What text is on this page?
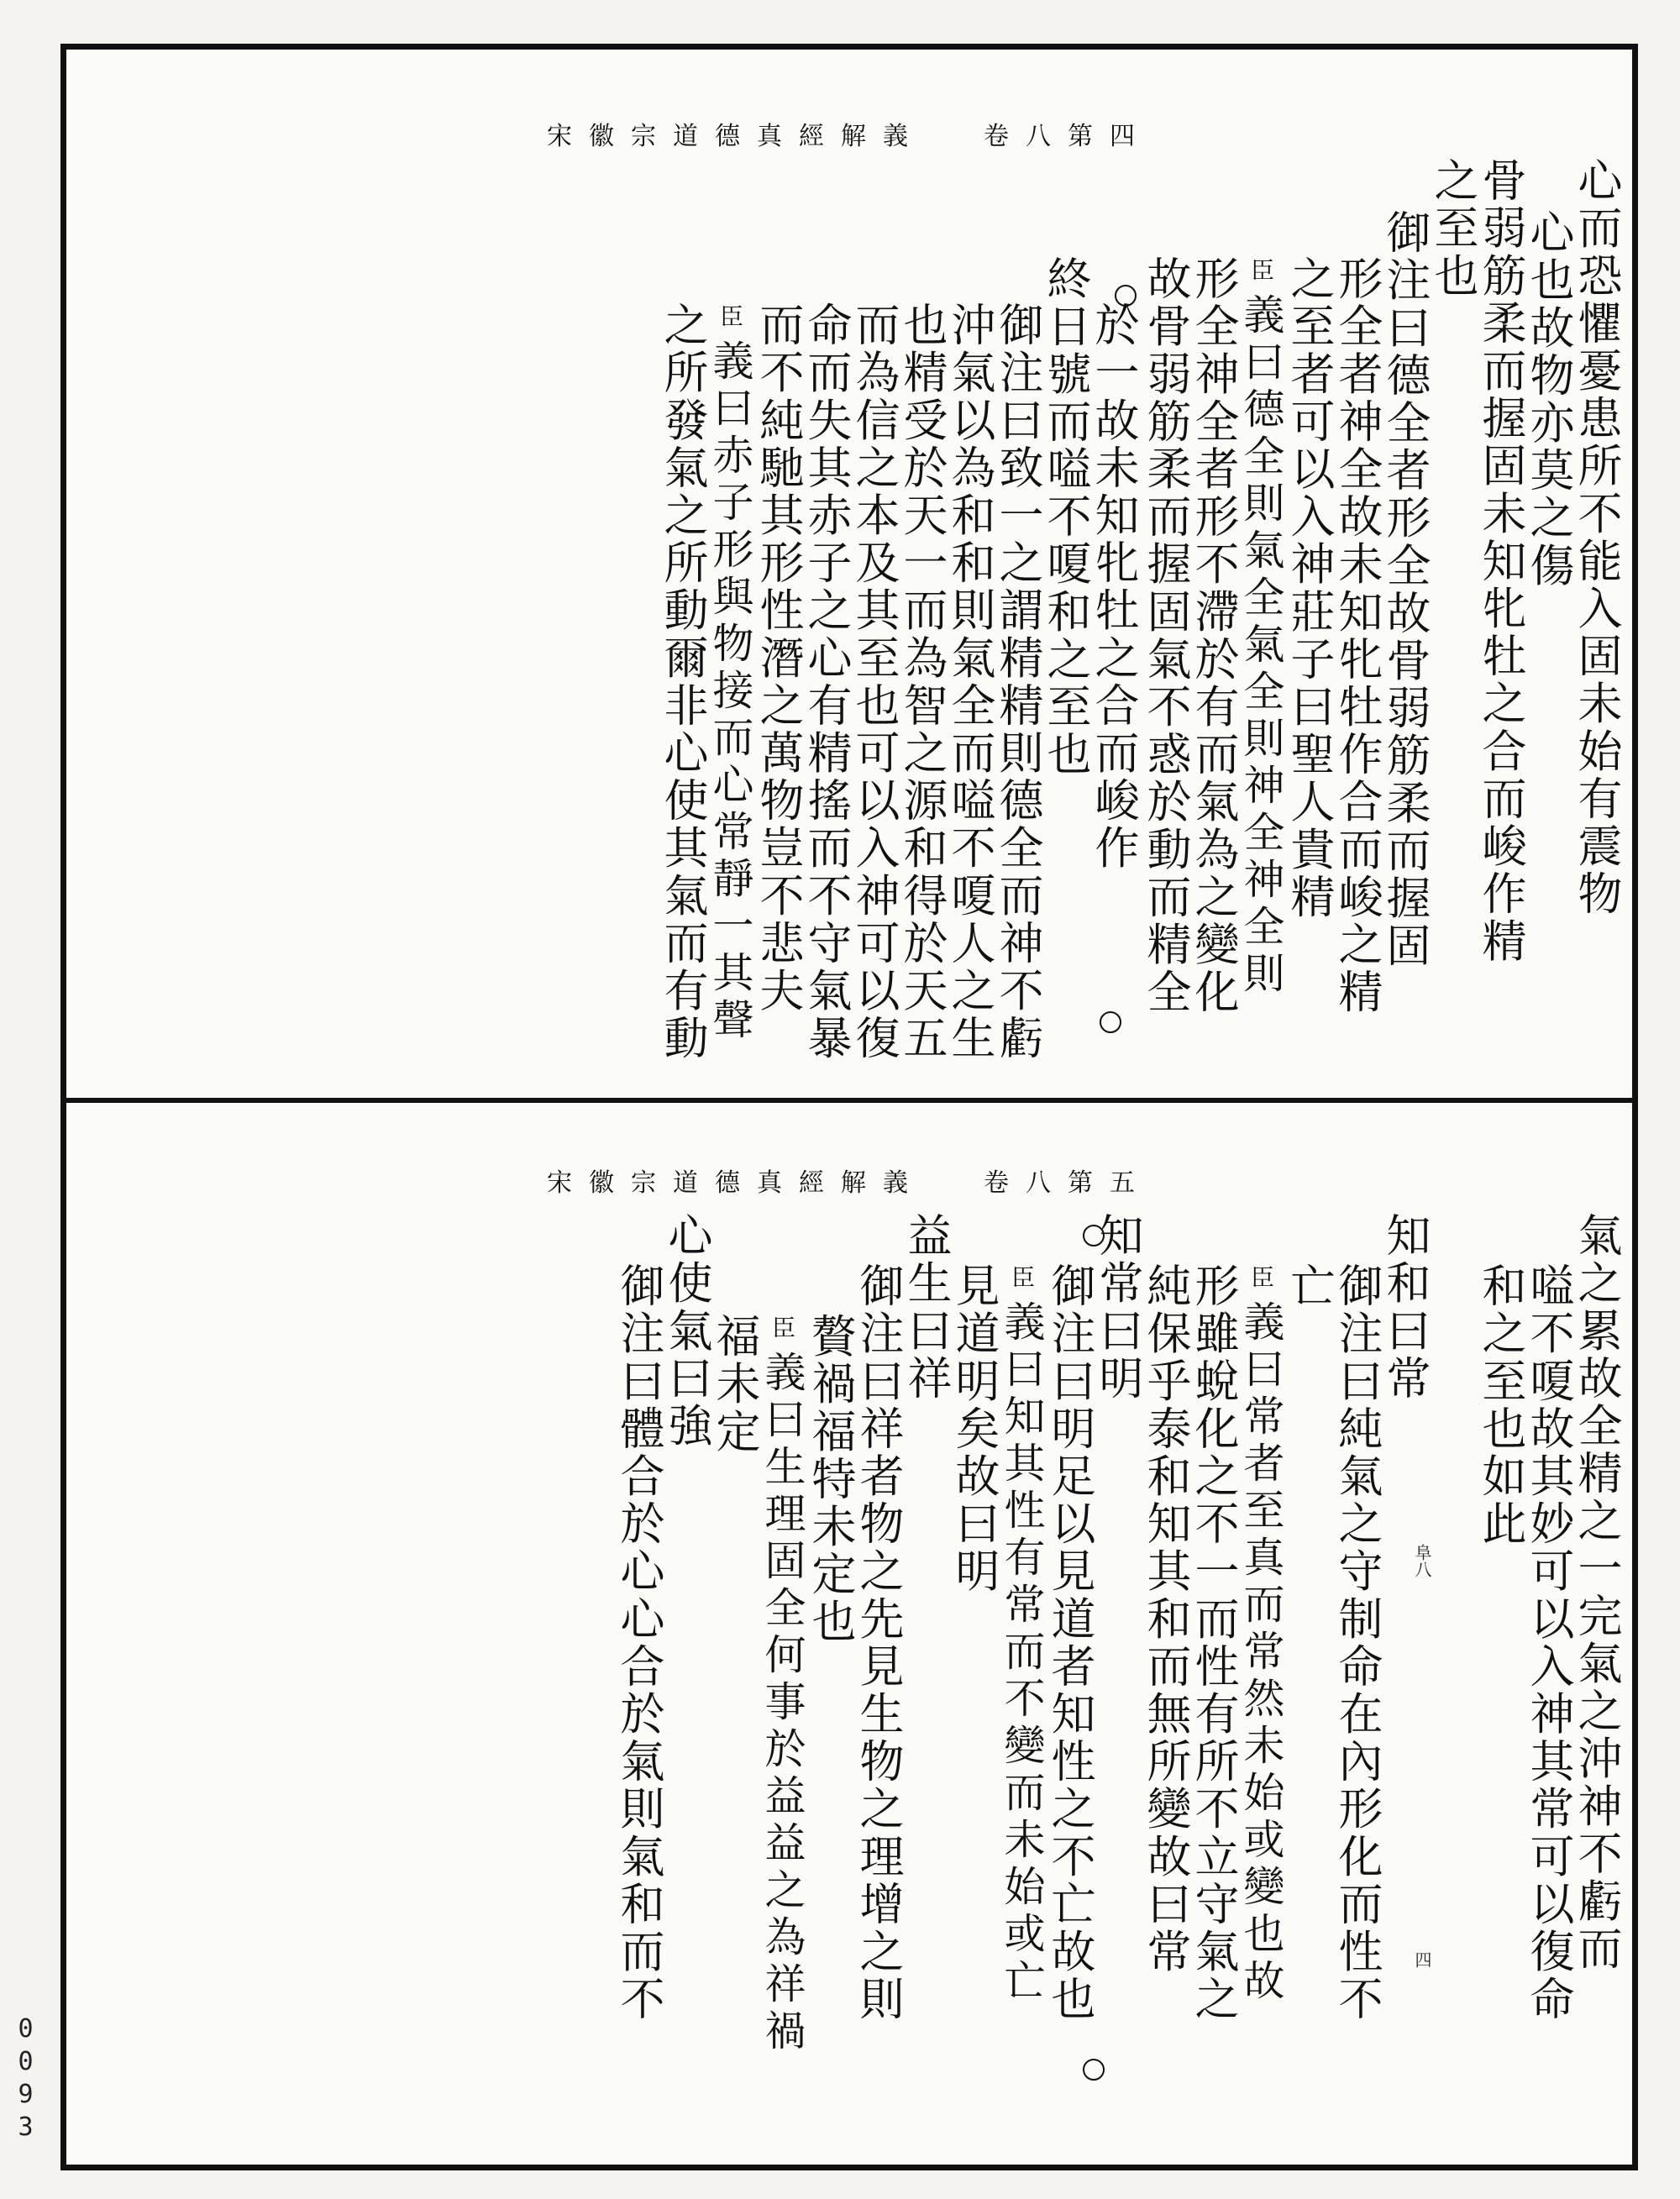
宋徽宗道德真經解義 卷八第四
心而恐懼憂患所不能入固未始有震物
心也故物亦莫之傷
骨弱筋柔而握固未知牝牡之合而峻作精
之至也
御注曰德全者形全故骨弱筋柔而握固
形全者神全故未知牝牡作合而峻之精
之至者可以入神莊子曰聖人貴精
臣義曰德全則氣全氣全則神全神全則
形全神全者形不滯於有而氣為之變化
故骨弱筋柔而握固氣不惑於動而精全
於一故未知牝牡之合而峻作
終日號而嗌不嗄和之至也
御注曰致一之謂精精則德全而神不虧
沖氣以為和和則氣全而嗌不嗄人之生
也精受於天一而為智之源和得於天五
而為信之本及其至也可以入神可以復
命而失其赤子之心有精搖而不守氣暴
而不純馳其形性潛之萬物豈不悲夫
臣義曰赤子形與物接而心常靜一其聲
之所發氣之所動爾非心使其氣而有動
宋徽宗道德真經解義 卷八第五
氣之累故全精之一完氣之沖神不虧而
嗌不嗄故其妙可以入神其常可以復命
和之至也如此
知和曰常
御注曰純氣之守制命在內形化而性不
亡
臣義曰常者至真而常然未始或變也故
形雖蛻化之不一而性有所不立守氣之
純保乎泰和知其和而無所變故曰常
知常曰明
御注曰明足以見道者知性之不亡故也
臣義曰知其性有常而不變而未始或亡
見道明矣故曰明
益生曰祥
御注曰祥者物之先見生物之理增之則
贅禍福特未定也
臣義曰生理固全何事於益益之為祥禍
福未定
心使氣曰強
御注曰體合於心心合於氣則氣和而不	阜八
四
0093
